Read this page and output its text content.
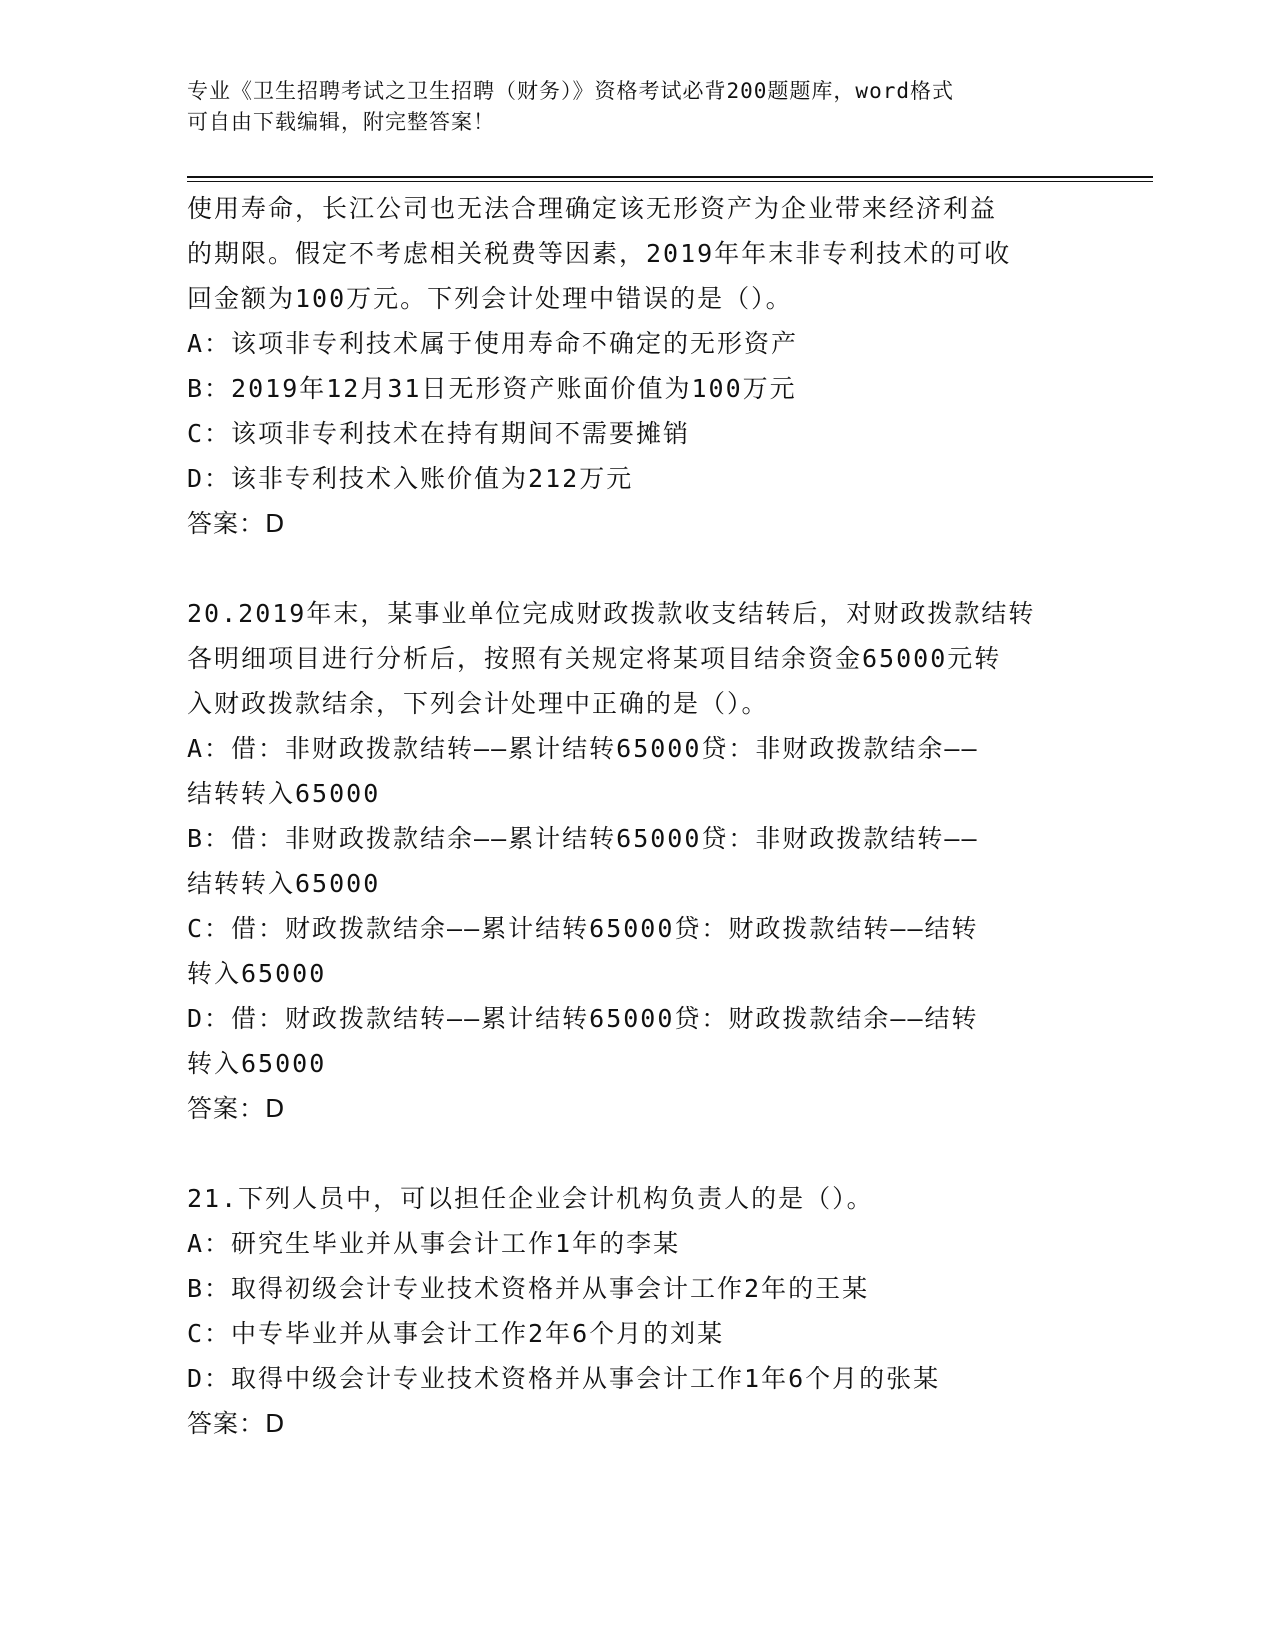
专业《卫生招聘考试之卫生招聘（财务）》资格考试必背200题题库，word格式
可自由下载编辑，附完整答案！
使用寿命，长江公司也无法合理确定该无形资产为企业带来经济利益
的期限。假定不考虑相关税费等因素，2019年年末非专利技术的可收
回金额为100万元。下列会计处理中错误的是（）。
A：该项非专利技术属于使用寿命不确定的无形资产
B：2019年12月31日无形资产账面价值为100万元
C：该项非专利技术在持有期间不需要摊销
D：该非专利技术入账价值为212万元
答案：D
20.2019年末，某事业单位完成财政拨款收支结转后，对财政拨款结转
各明细项目进行分析后，按照有关规定将某项目结余资金65000元转
入财政拨款结余，下列会计处理中正确的是（）。
A：借：非财政拨款结转——累计结转65000贷：非财政拨款结余——
结转转入65000
B：借：非财政拨款结余——累计结转65000贷：非财政拨款结转——
结转转入65000
C：借：财政拨款结余——累计结转65000贷：财政拨款结转——结转
转入65000
D：借：财政拨款结转——累计结转65000贷：财政拨款结余——结转
转入65000
答案：D
21.下列人员中，可以担任企业会计机构负责人的是（）。
A：研究生毕业并从事会计工作1年的李某
B：取得初级会计专业技术资格并从事会计工作2年的王某
C：中专毕业并从事会计工作2年6个月的刘某
D：取得中级会计专业技术资格并从事会计工作1年6个月的张某
答案：D
